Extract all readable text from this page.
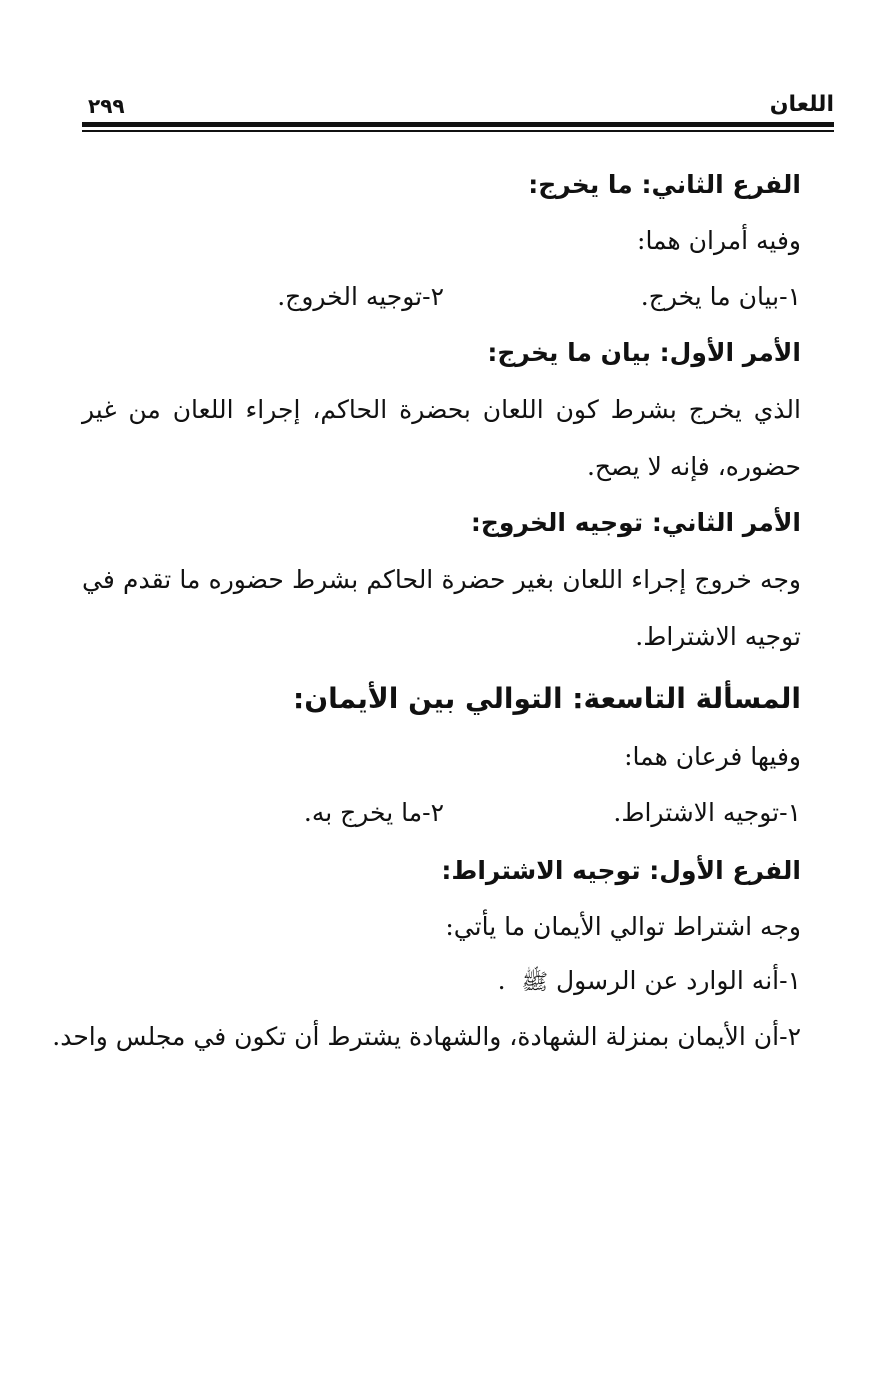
اللعان
٢٩٩
الفرع الثاني: ما يخرج:
وفيه أمران هما:
١-بيان ما يخرج.
٢-توجيه الخروج.
الأمر الأول: بيان ما يخرج:
الذي يخرج بشرط كون اللعان بحضرة الحاكم، إجراء اللعان من غير
حضوره، فإنه لا يصح.
الأمر الثاني: توجيه الخروج:
وجه خروج إجراء اللعان بغير حضرة الحاكم بشرط حضوره ما تقدم في
توجيه الاشتراط.
المسألة التاسعة: التوالي بين الأيمان:
وفيها فرعان هما:
١-توجيه الاشتراط.
٢-ما يخرج به.
الفرع الأول: توجيه الاشتراط:
وجه اشتراط توالي الأيمان ما يأتي:
١-أنه الوارد عن الرسول ﷺ .
٢-أن الأيمان بمنزلة الشهادة، والشهادة يشترط أن تكون في مجلس واحد.
